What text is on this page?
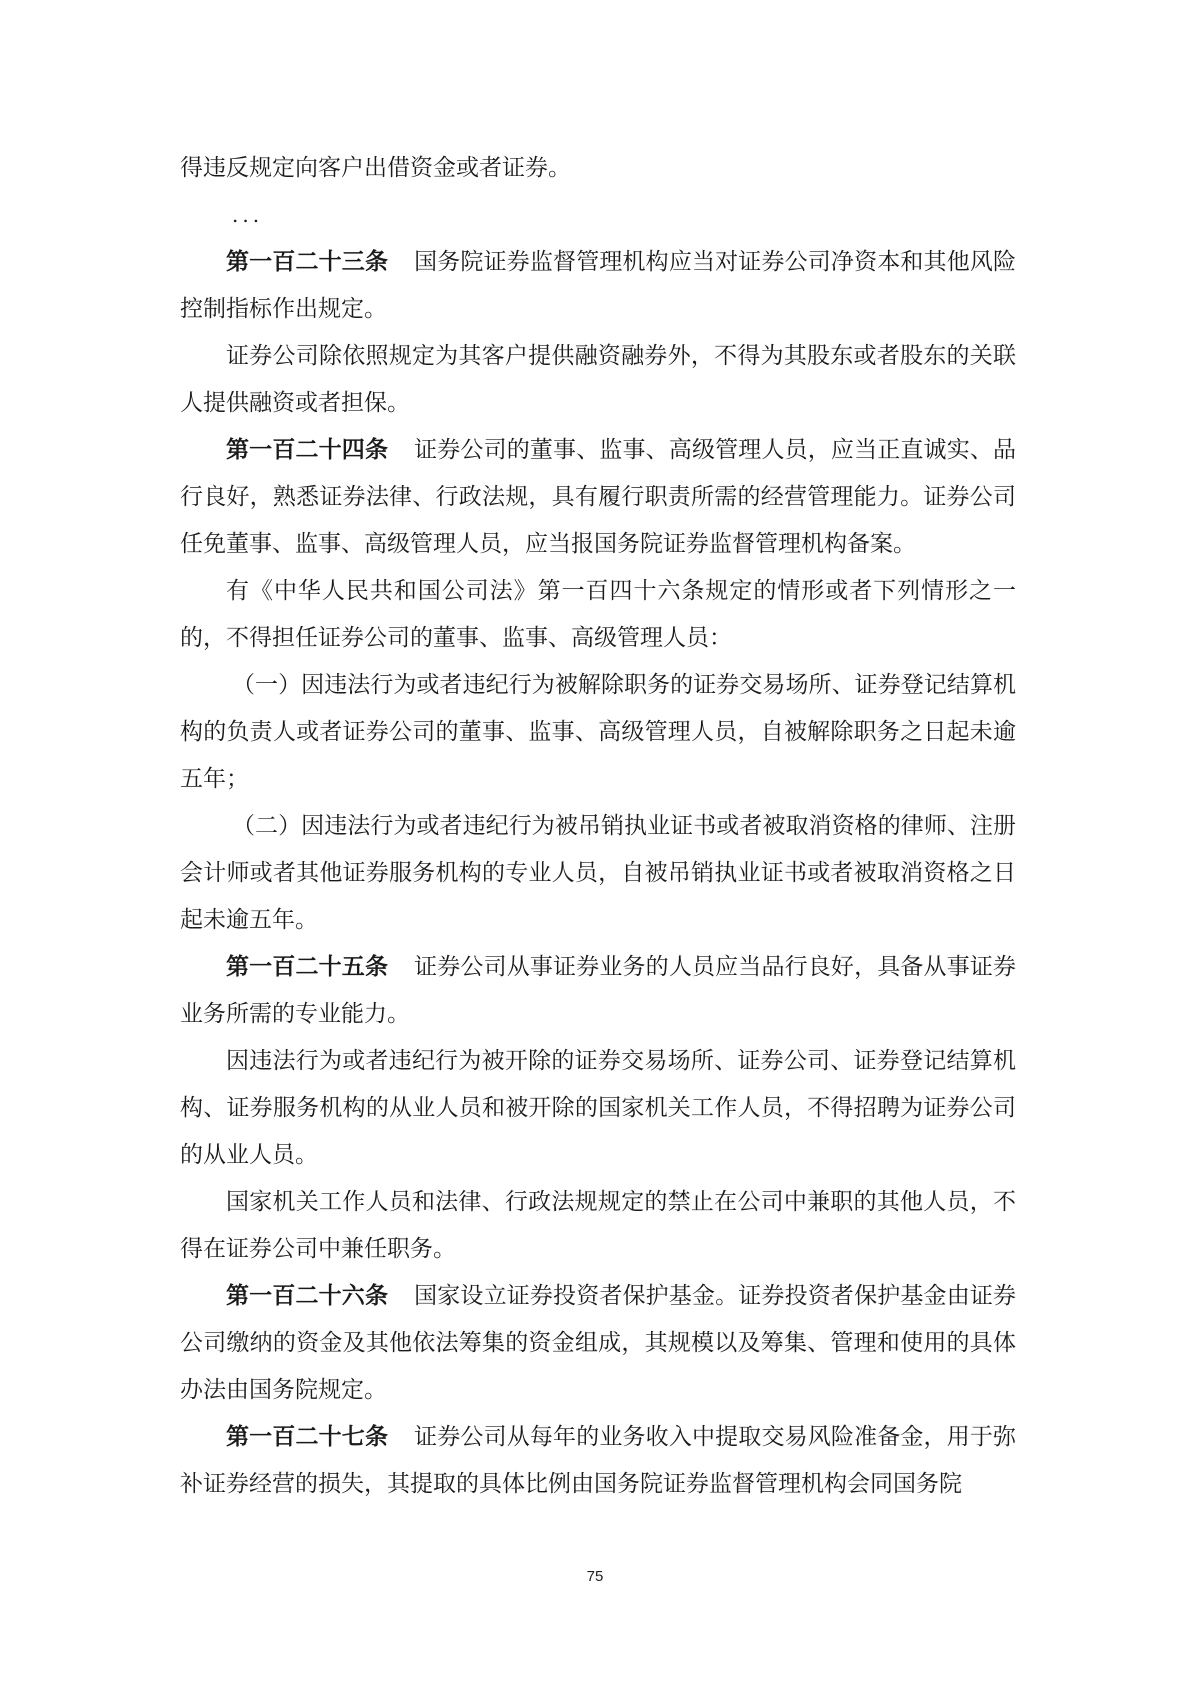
得违反规定向客户出借资金或者证券。

...

第一百二十三条 国务院证券监督管理机构应当对证券公司净资本和其他风险控制指标作出规定。

证券公司除依照规定为其客户提供融资融券外，不得为其股东或者股东的关联人提供融资或者担保。

第一百二十四条 证券公司的董事、监事、高级管理人员，应当正直诚实、品行良好，熟悉证券法律、行政法规，具有履行职责所需的经营管理能力。证券公司任免董事、监事、高级管理人员，应当报国务院证券监督管理机构备案。

有《中华人民共和国公司法》第一百四十六条规定的情形或者下列情形之一的，不得担任证券公司的董事、监事、高级管理人员：

（一）因违法行为或者违纪行为被解除职务的证券交易场所、证券登记结算机构的负责人或者证券公司的董事、监事、高级管理人员，自被解除职务之日起未逾五年；

（二）因违法行为或者违纪行为被吊销执业证书或者被取消资格的律师、注册会计师或者其他证券服务机构的专业人员，自被吊销执业证书或者被取消资格之日起未逾五年。

第一百二十五条 证券公司从事证券业务的人员应当品行良好，具备从事证券业务所需的专业能力。

因违法行为或者违纪行为被开除的证券交易场所、证券公司、证券登记结算机构、证券服务机构的从业人员和被开除的国家机关工作人员，不得招聘为证券公司的从业人员。

国家机关工作人员和法律、行政法规规定的禁止在公司中兼职的其他人员，不得在证券公司中兼任职务。

第一百二十六条 国家设立证券投资者保护基金。证券投资者保护基金由证券公司缴纳的资金及其他依法筹集的资金组成，其规模以及筹集、管理和使用的具体办法由国务院规定。

第一百二十七条 证券公司从每年的业务收入中提取交易风险准备金，用于弥补证券经营的损失，其提取的具体比例由国务院证券监督管理机构会同国务院

75
